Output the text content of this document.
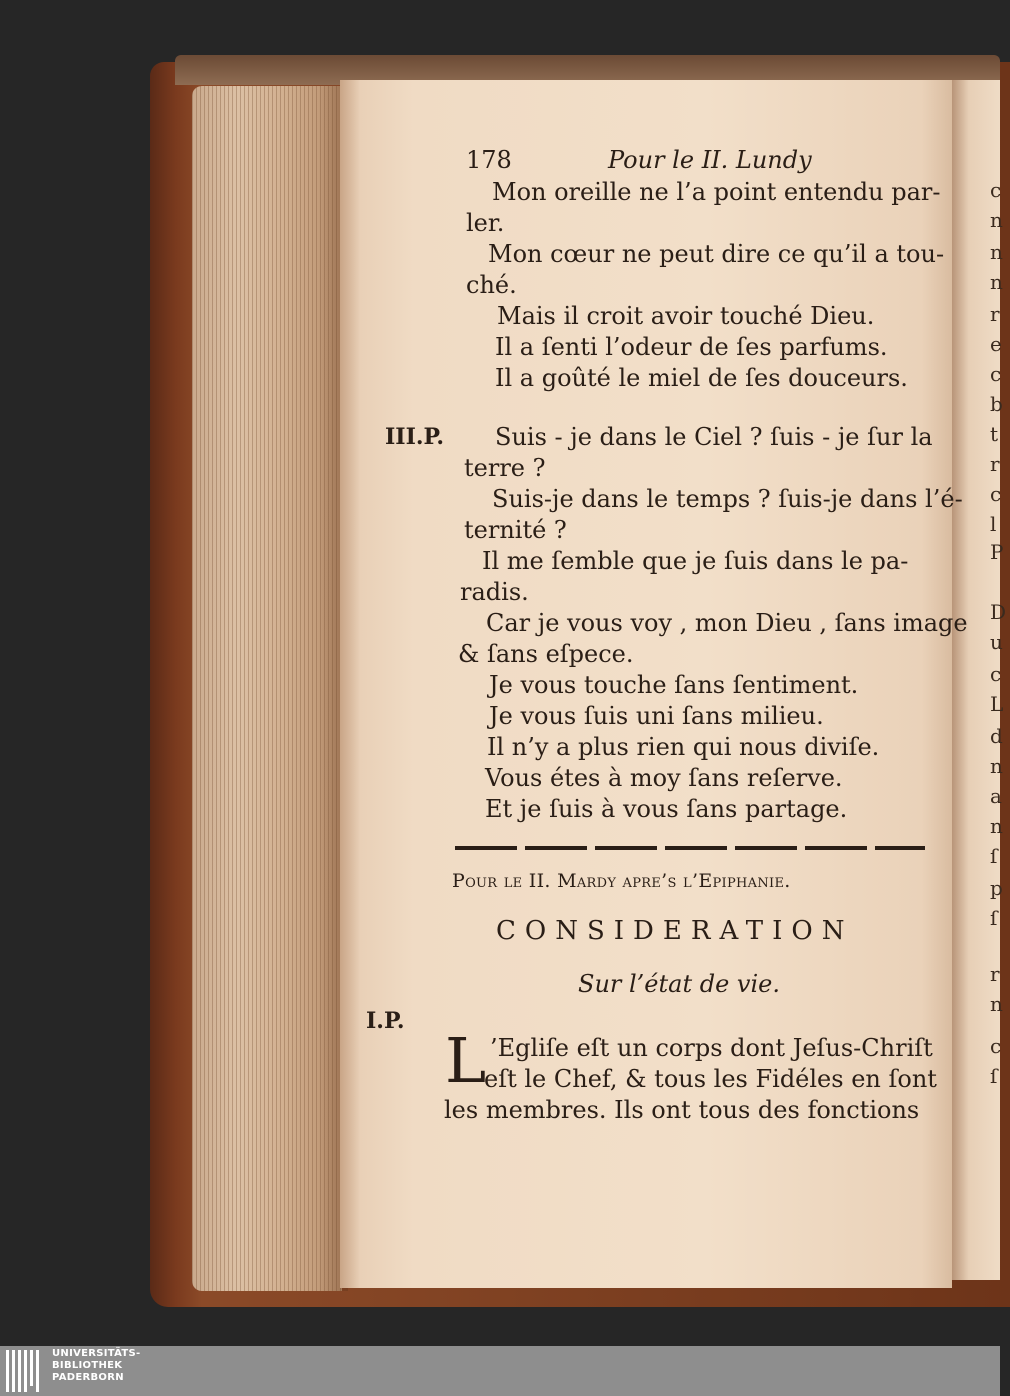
178	Pour le II. Lundy
Mon oreille ne l’a point entendu par-
ler.
Mon cœur ne peut dire ce qu’il a tou-
ché.
Mais il croit avoir touché Dieu.
Il a ſenti l’odeur de ſes parfums.
Il a goûté le miel de ſes douceurs.
III.P. Suis - je dans le Ciel ? ſuis - je ſur la
terre ?
Suis-je dans le temps ? ſuis-je dans l’é-
ternité ?
Il me ſemble que je ſuis dans le pa-
radis.
Car je vous voy , mon Dieu , ſans image
& ſans eſpece.
Je vous touche ſans ſentiment.
Je vous ſuis uni ſans milieu.
Il n’y a plus rien qui nous diviſe.
Vous étes à moy ſans reſerve.
Et je ſuis à vous ſans partage.
Pour le II. Mardy apre’s l’Epiphanie.
CONSIDERATION
Sur l’état de vie.
I.P.
L ’Egliſe eſt un corps dont Jeſus-Chriſt
eſt le Chef, & tous les Fidéles en ſont
les membres. Ils ont tous des fonctions
c
n
n
n
r
e
c
b
t
r
c
l
P
D
u
c
L
d
n
a
n
ſ
p
ſ
r
n
c
ſ
UNIVERSITÄTS-
BIBLIOTHEK
PADERBORN
